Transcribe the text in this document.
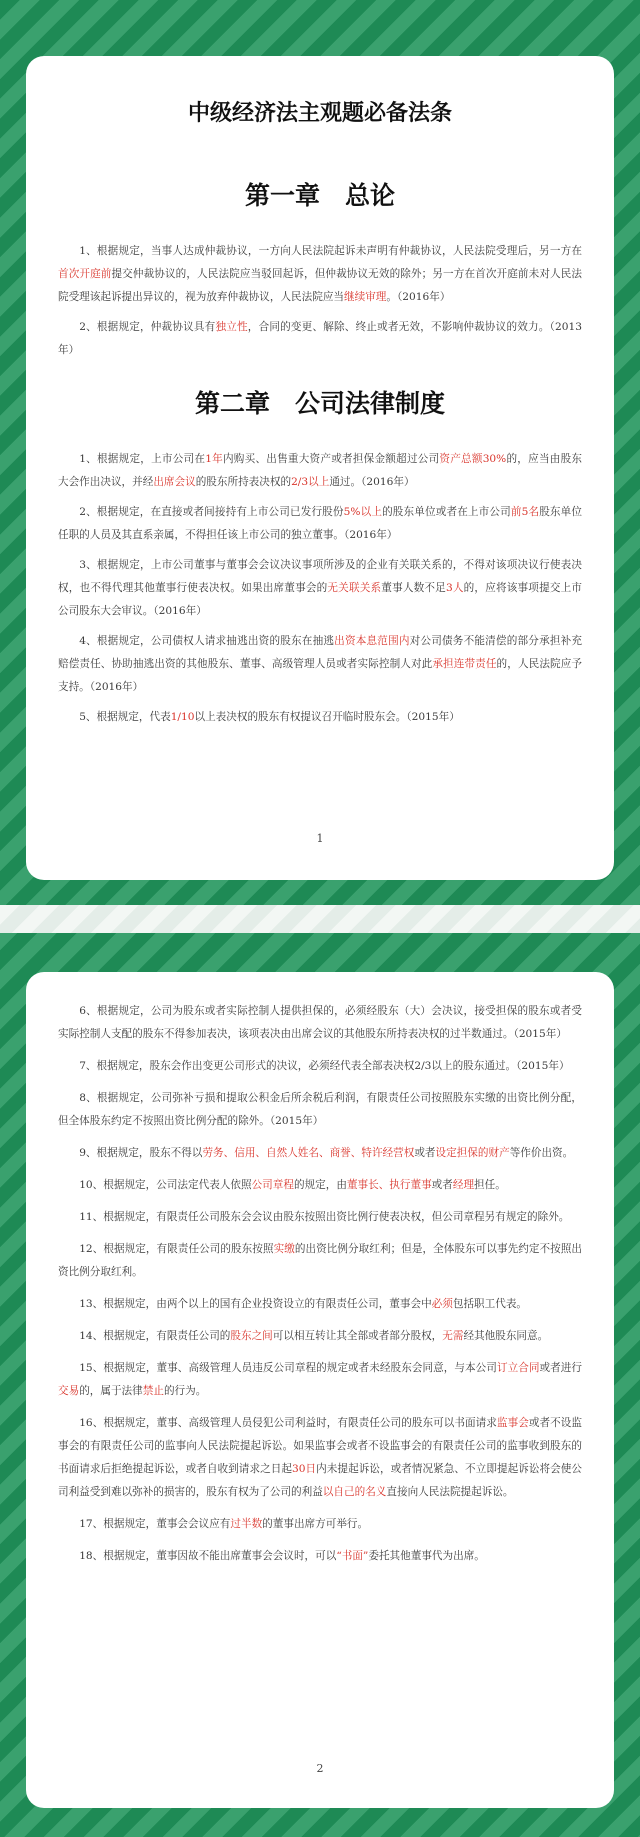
中级经济法主观题必备法条
第一章　总论

1、根据规定，当事人达成仲裁协议，一方向人民法院起诉未声明有仲裁协议，人民法院受理后，另一方在首次开庭前提交仲裁协议的，人民法院应当驳回起诉，但仲裁协议无效的除外；另一方在首次开庭前未对人民法院受理该起诉提出异议的，视为放弃仲裁协议，人民法院应当继续审理。（2016年）

2、根据规定，仲裁协议具有独立性，合同的变更、解除、终止或者无效，不影响仲裁协议的效力。（2013年）

第二章　公司法律制度

1、根据规定，上市公司在1年内购买、出售重大资产或者担保金额超过公司资产总额30%的，应当由股东大会作出决议，并经出席会议的股东所持表决权的2/3以上通过。（2016年）

2、根据规定，在直接或者间接持有上市公司已发行股份5%以上的股东单位或者在上市公司前5名股东单位任职的人员及其直系亲属，不得担任该上市公司的独立董事。（2016年）

3、根据规定，上市公司董事与董事会会议决议事项所涉及的企业有关联关系的，不得对该项决议行使表决权，也不得代理其他董事行使表决权。如果出席董事会的无关联关系董事人数不足3人的，应将该事项提交上市公司股东大会审议。（2016年）

4、根据规定，公司债权人请求抽逃出资的股东在抽逃出资本息范围内对公司债务不能清偿的部分承担补充赔偿责任、协助抽逃出资的其他股东、董事、高级管理人员或者实际控制人对此承担连带责任的，人民法院应予支持。（2016年）

5、根据规定，代表1/10以上表决权的股东有权提议召开临时股东会。（2015年）

1

6、根据规定，公司为股东或者实际控制人提供担保的，必须经股东（大）会决议，接受担保的股东或者受实际控制人支配的股东不得参加表决，该项表决由出席会议的其他股东所持表决权的过半数通过。（2015年）

7、根据规定，股东会作出变更公司形式的决议，必须经代表全部表决权2/3以上的股东通过。（2015年）

8、根据规定，公司弥补亏损和提取公积金后所余税后利润，有限责任公司按照股东实缴的出资比例分配，但全体股东约定不按照出资比例分配的除外。（2015年）

9、根据规定，股东不得以劳务、信用、自然人姓名、商誉、特许经营权或者设定担保的财产等作价出资。

10、根据规定，公司法定代表人依照公司章程的规定，由董事长、执行董事或者经理担任。

11、根据规定，有限责任公司股东会会议由股东按照出资比例行使表决权，但公司章程另有规定的除外。

12、根据规定，有限责任公司的股东按照实缴的出资比例分取红利；但是，全体股东可以事先约定不按照出资比例分取红利。

13、根据规定，由两个以上的国有企业投资设立的有限责任公司，董事会中必须包括职工代表。

14、根据规定，有限责任公司的股东之间可以相互转让其全部或者部分股权，无需经其他股东同意。

15、根据规定，董事、高级管理人员违反公司章程的规定或者未经股东会同意，与本公司订立合同或者进行交易的，属于法律禁止的行为。

16、根据规定，董事、高级管理人员侵犯公司利益时，有限责任公司的股东可以书面请求监事会或者不设监事会的有限责任公司的监事向人民法院提起诉讼。如果监事会或者不设监事会的有限责任公司的监事收到股东的书面请求后拒绝提起诉讼，或者自收到请求之日起30日内未提起诉讼，或者情况紧急、不立即提起诉讼将会使公司利益受到难以弥补的损害的，股东有权为了公司的利益以自己的名义直接向人民法院提起诉讼。

17、根据规定，董事会会议应有过半数的董事出席方可举行。

18、根据规定，董事因故不能出席董事会会议时，可以“书面”委托其他董事代为出席。

2
